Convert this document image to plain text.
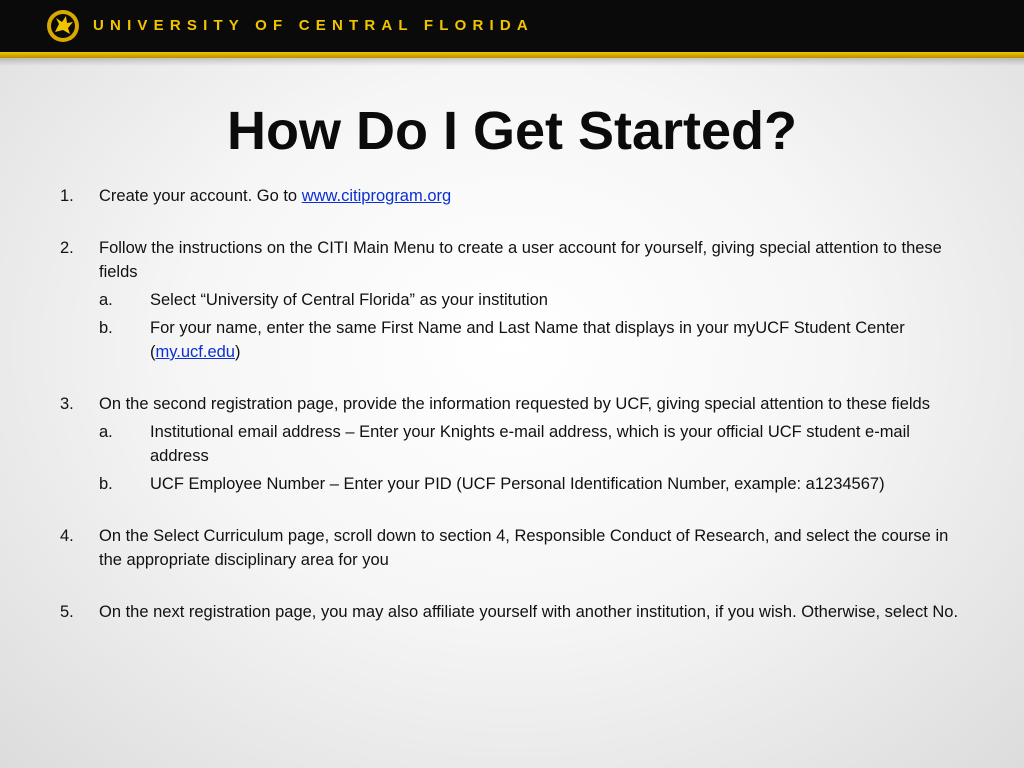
UNIVERSITY OF CENTRAL FLORIDA
How Do I Get Started?
1. Create your account. Go to www.citiprogram.org
2. Follow the instructions on the CITI Main Menu to create a user account for yourself, giving special attention to these fields
a. Select “University of Central Florida” as your institution
b. For your name, enter the same First Name and Last Name that displays in your myUCF Student Center (my.ucf.edu)
3. On the second registration page, provide the information requested by UCF, giving special attention to these fields
a. Institutional email address – Enter your Knights e-mail address, which is your official UCF student e-mail address
b. UCF Employee Number – Enter your PID (UCF Personal Identification Number, example: a1234567)
4. On the Select Curriculum page, scroll down to section 4, Responsible Conduct of Research, and select the course in the appropriate disciplinary area for you
5. On the next registration page, you may also affiliate yourself with another institution, if you wish. Otherwise, select No.
